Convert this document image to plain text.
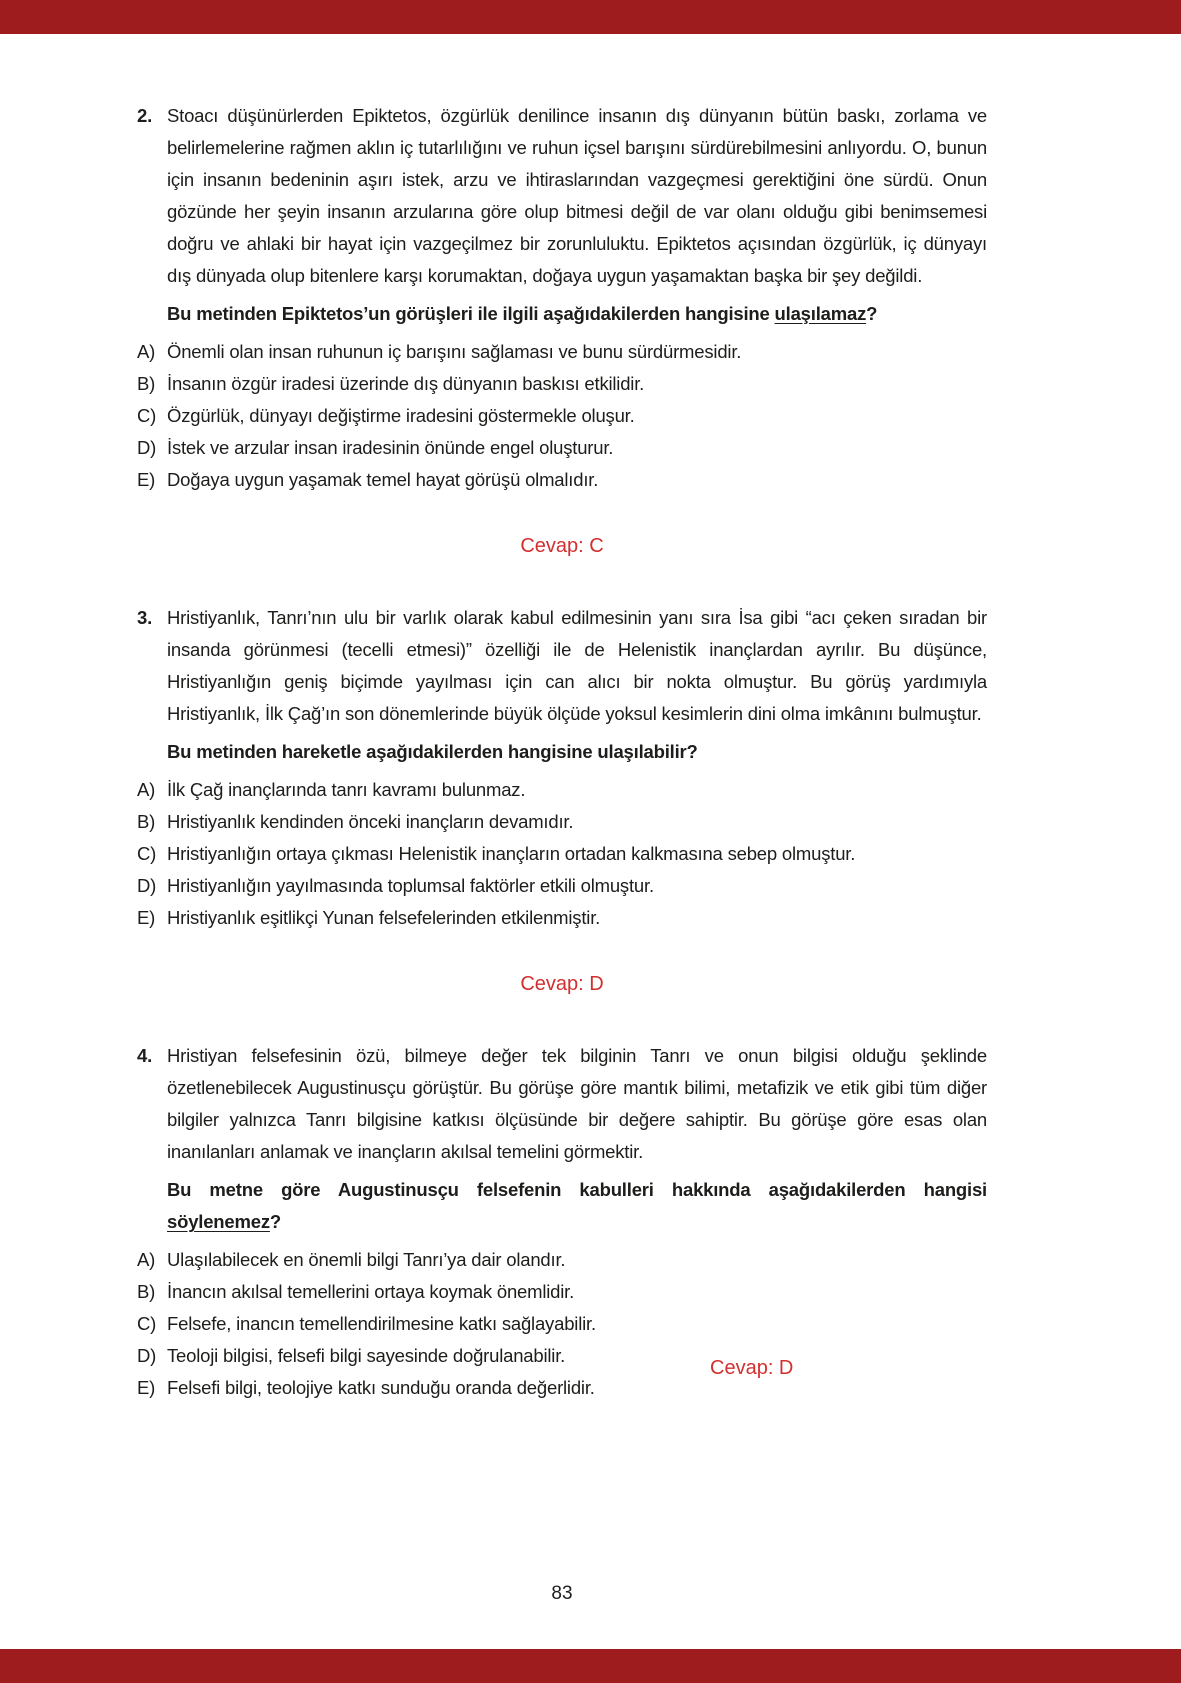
2. Stoacı düşünürlerden Epiktetos, özgürlük denilince insanın dış dünyanın bütün baskı, zorlama ve belirlemelerine rağmen aklın iç tutarlılığını ve ruhun içsel barışını sürdürebilmesini anlıyordu. O, bunun için insanın bedeninin aşırı istek, arzu ve ihtiraslarından vazgeçmesi gerektiğini öne sürdü. Onun gözünde her şeyin insanın arzularına göre olup bitmesi değil de var olanı olduğu gibi benimsemesi doğru ve ahlaki bir hayat için vazgeçilmez bir zorunluluktu. Epiktetos açısından özgürlük, iç dünyayı dış dünyada olup bitenlere karşı korumaktan, doğaya uygun yaşamaktan başka bir şey değildi.
Bu metinden Epiktetos’un görüşleri ile ilgili aşağıdakilerden hangisine ulaşılamaz?
A) Önemli olan insan ruhunun iç barışını sağlaması ve bunu sürdürmesidir.
B) İnsanın özgür iradesi üzerinde dış dünyanın baskısı etkilidir.
C) Özgürlük, dünyayı değiştirme iradesini göstermekle oluşur.
D) İstek ve arzular insan iradesinin önünde engel oluşturur.
E) Doğaya uygun yaşamak temel hayat görüşü olmalıdır.
Cevap: C
3. Hristiyanlık, Tanrı’nın ulu bir varlık olarak kabul edilmesinin yanı sıra İsa gibi “acı çeken sıradan bir insanda görünmesi (tecelli etmesi)” özelliği ile de Helenistik inançlardan ayrılır. Bu düşünce, Hristiyanlığın geniş biçimde yayılması için can alıcı bir nokta olmuştur. Bu görüş yardımıyla Hristiyanlık, İlk Çağ’ın son dönemlerinde büyük ölçüde yoksul kesimlerin dini olma imkânını bulmuştur.
Bu metinden hareketle aşağıdakilerden hangisine ulaşılabilir?
A) İlk Çağ inançlarında tanrı kavramı bulunmaz.
B) Hristiyanlık kendinden önceki inançların devamıdır.
C) Hristiyanlığın ortaya çıkması Helenistik inançların ortadan kalkmasına sebep olmuştur.
D) Hristiyanlığın yayılmasında toplumsal faktörler etkili olmuştur.
E) Hristiyanlık eşitlikçi Yunan felsefelerinden etkilenmiştir.
Cevap: D
4. Hristiyan felsefesinin özü, bilmeye değer tek bilginin Tanrı ve onun bilgisi olduğu şeklinde özetlenebilecek Augustinusçu görüştür. Bu görüşe göre mantık bilimi, metafizik ve etik gibi tüm diğer bilgiler yalnızca Tanrı bilgisine katkısı ölçüsünde bir değere sahiptir. Bu görüşe göre esas olan inanılanları anlamak ve inançların akılsal temelini görmektir.
Bu metne göre Augustinusçu felsefenin kabulleri hakkında aşağıdakilerden hangisi söylenemez?
A) Ulaşılabilecek en önemli bilgi Tanrı’ya dair olandır.
B) İnancın akılsal temellerini ortaya koymak önemlidir.
C) Felsefe, inancın temellendirilmesine katkı sağlayabilir.
D) Teoloji bilgisi, felsefi bilgi sayesinde doğrulanabilir.
Cevap: D
E) Felsefi bilgi, teolojiye katkı sunduğu oranda değerlidir.
83
